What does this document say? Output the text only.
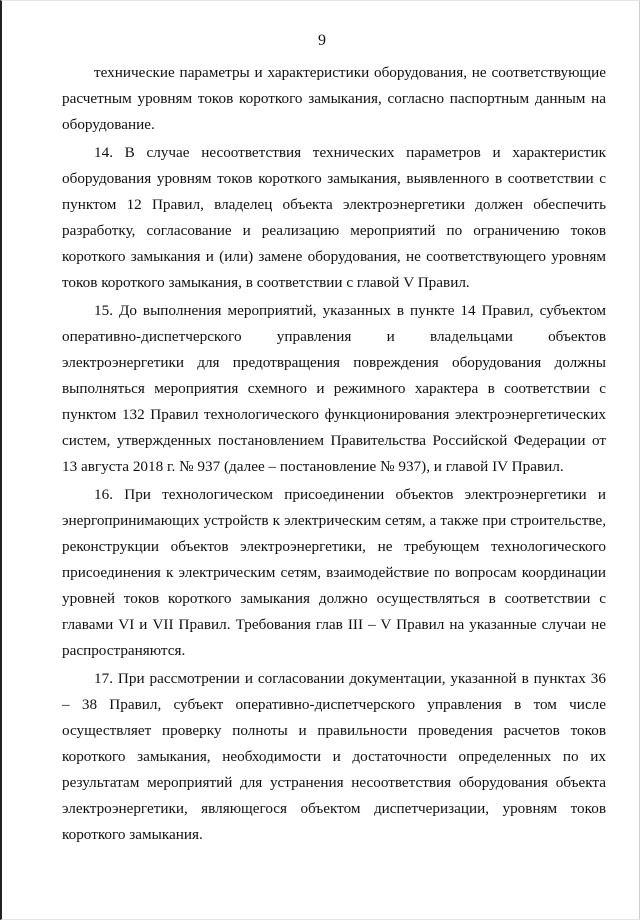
9

технические параметры и характеристики оборудования, не соответствующие расчетным уровням токов короткого замыкания, согласно паспортным данным на оборудование.

14. В случае несоответствия технических параметров и характеристик оборудования уровням токов короткого замыкания, выявленного в соответствии с пунктом 12 Правил, владелец объекта электроэнергетики должен обеспечить разработку, согласование и реализацию мероприятий по ограничению токов короткого замыкания и (или) замене оборудования, не соответствующего уровням токов короткого замыкания, в соответствии с главой V Правил.

15. До выполнения мероприятий, указанных в пункте 14 Правил, субъектом оперативно-диспетчерского управления и владельцами объектов электроэнергетики для предотвращения повреждения оборудования должны выполняться мероприятия схемного и режимного характера в соответствии с пунктом 132 Правил технологического функционирования электроэнергетических систем, утвержденных постановлением Правительства Российской Федерации от 13 августа 2018 г. № 937 (далее – постановление № 937), и главой IV Правил.

16. При технологическом присоединении объектов электроэнергетики и энергопринимающих устройств к электрическим сетям, а также при строительстве, реконструкции объектов электроэнергетики, не требующем технологического присоединения к электрическим сетям, взаимодействие по вопросам координации уровней токов короткого замыкания должно осуществляться в соответствии с главами VI и VII Правил. Требования глав III – V Правил на указанные случаи не распространяются.

17. При рассмотрении и согласовании документации, указанной в пунктах 36 – 38 Правил, субъект оперативно-диспетчерского управления в том числе осуществляет проверку полноты и правильности проведения расчетов токов короткого замыкания, необходимости и достаточности определенных по их результатам мероприятий для устранения несоответствия оборудования объекта электроэнергетики, являющегося объектом диспетчеризации, уровням токов короткого замыкания.
